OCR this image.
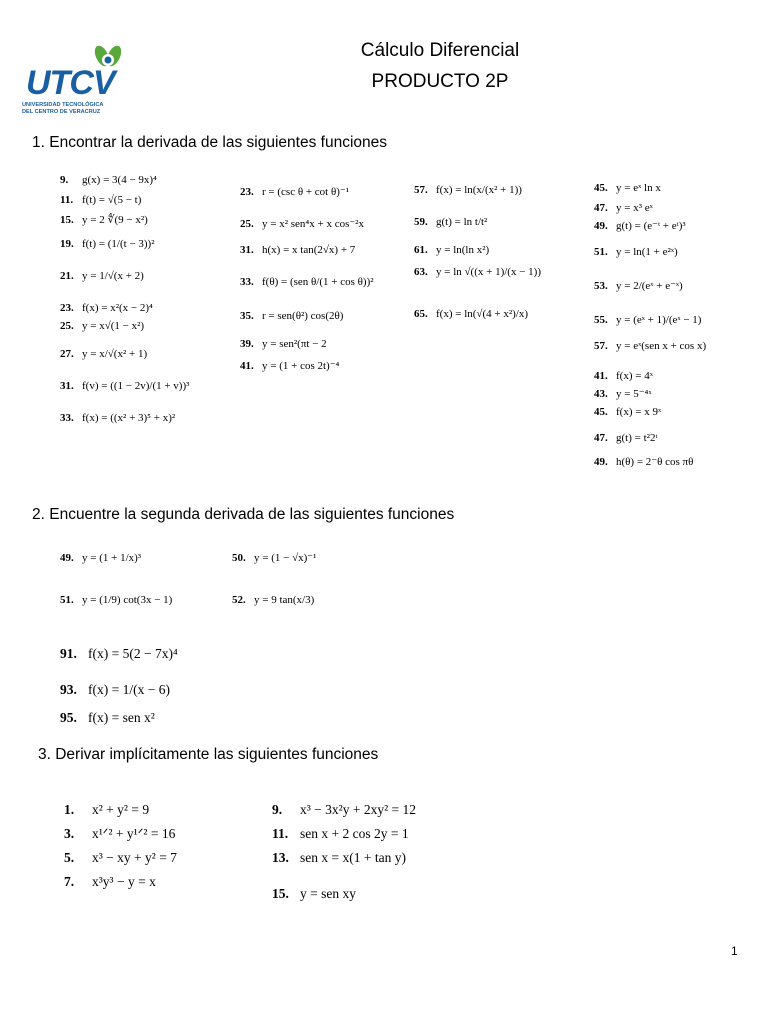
UTCV
UNIVERSIDAD TECNOLÓGICA
DEL CENTRO DE VERACRUZ
Cálculo Diferencial
PRODUCTO 2P
1. Encontrar la derivada de las siguientes funciones
2. Encuentre la segunda derivada de las siguientes funciones
3. Derivar implícitamente las siguientes funciones
9. g(x) = 3(4 − 9x)⁴
11. f(t) = √(5 − t)
15. y = 2 ∜(9 − x²)
19. f(t) = (1/(t − 3))²
21. y = 1/√(x + 2)
23. f(x) = x²(x − 2)⁴
25. y = x√(1 − x²)
27. y = x/√(x² + 1)
31. f(v) = ((1 − 2v)/(1 + v))³
33. f(x) = ((x² + 3)⁵ + x)²
23. r = (csc θ + cot θ)⁻¹
25. y = x² sen⁴x + x cos⁻²x
31. h(x) = x tan(2√x) + 7
33. f(θ) = (sen θ/(1 + cos θ))²
35. r = sen(θ²) cos(2θ)
39. y = sen²(πt − 2
41. y = (1 + cos 2t)⁻⁴
57. f(x) = ln(x/(x² + 1))
59. g(t) = ln t/t²
61. y = ln(ln x²)
63. y = ln √((x + 1)/(x − 1))
65. f(x) = ln(√(4 + x²)/x)
45. y = eˣ ln x
47. y = x³ eˣ
49. g(t) = (e⁻ᵗ + eᵗ)³
51. y = ln(1 + e²ˣ)
53. y = 2/(eˣ + e⁻ˣ)
55. y = (eˣ + 1)/(eˣ − 1)
57. y = eˣ(sen x + cos x)
41. f(x) = 4ˣ
43. y = 5⁻⁴ˣ
45. f(x) = x 9ˣ
47. g(t) = t²2ᵗ
49. h(θ) = 2⁻θ cos πθ
49. y = (1 + 1/x)³
51. y = (1/9) cot(3x − 1)
50. y = (1 − √x)⁻¹
52. y = 9 tan(x/3)
91. f(x) = 5(2 − 7x)⁴
93. f(x) = 1/(x − 6)
95. f(x) = sen x²
1. x² + y² = 9
3. x¹ᐟ² + y¹ᐟ² = 16
5. x³ − xy + y² = 7
7. x³y³ − y = x
9. x³ − 3x²y + 2xy² = 12
11. sen x + 2 cos 2y = 1
13. sen x = x(1 + tan y)
15. y = sen xy
1
